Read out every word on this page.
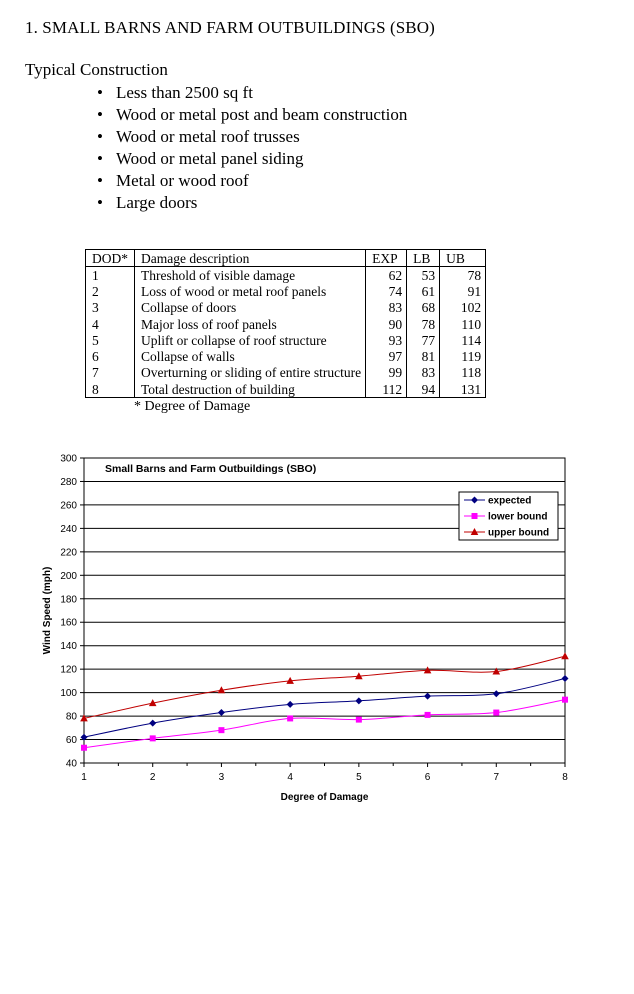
1. SMALL BARNS AND FARM OUTBUILDINGS (SBO)
Typical Construction
• Less than 2500 sq ft
• Wood or metal post and beam construction
• Wood or metal roof trusses
• Wood or metal panel siding
• Metal or wood roof
• Large doors
DOD*	Damage description	EXP	LB	UB
1	Threshold of visible damage	62	53	78
2	Loss of wood or metal roof panels	74	61	91
3	Collapse of doors	83	68	102
4	Major loss of roof panels	90	78	110
5	Uplift or collapse of roof structure	93	77	114
6	Collapse of walls	97	81	119
7	Overturning or sliding of entire structure	99	83	118
8	Total destruction of building	112	94	131
* Degree of Damage
40
60
80
100
120
140
160
180
200
220
240
260
280
300
1	2	3	4	5	6	7	8
Degree of Damage
Wind Speed (mph)
Small Barns and Farm Outbuildings (SBO)
expected
lower bound
upper bound
